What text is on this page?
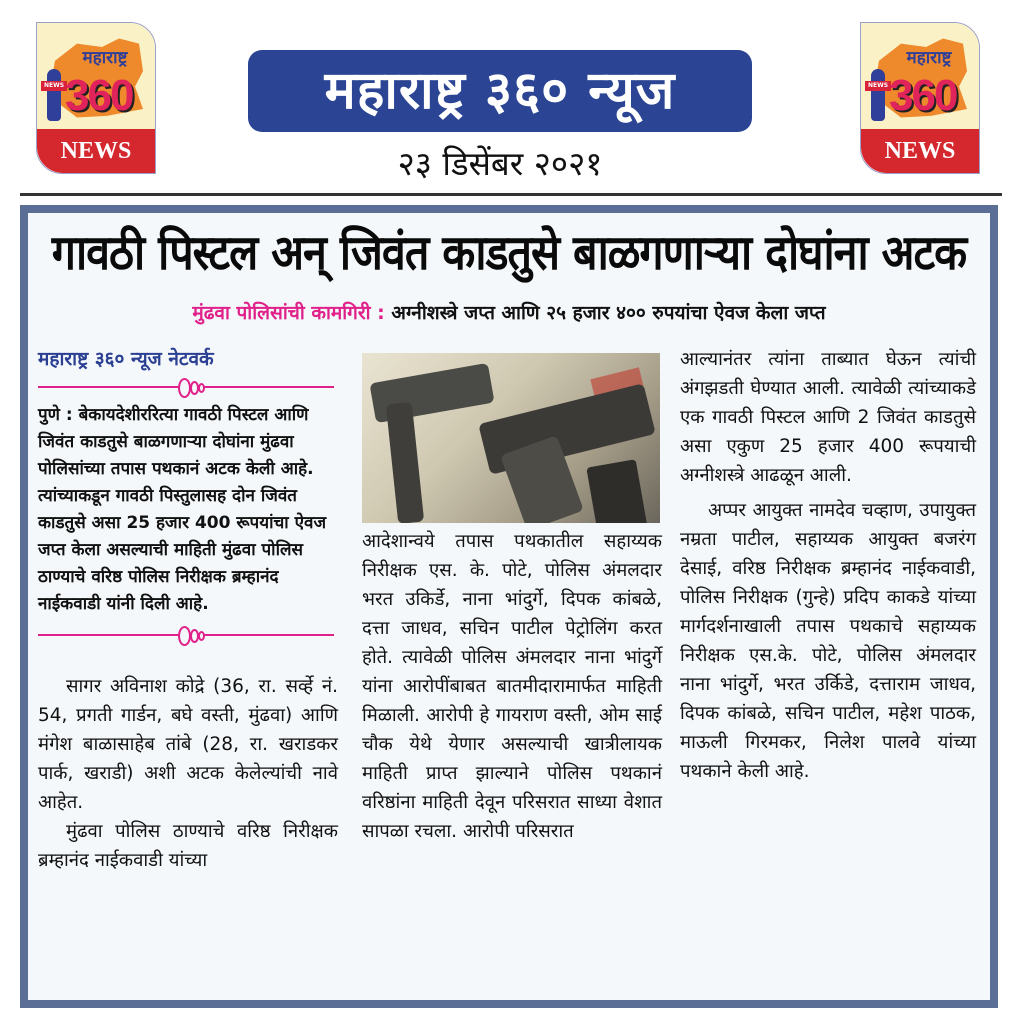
महाराष्ट्र
NEWS 360
NEWS
महाराष्ट्र ३६० न्यूज
२३ डिसेंबर २०२१
महाराष्ट्र
NEWS 360
NEWS
गावठी पिस्टल अन् जिवंत काडतुसे बाळगणाऱ्या दोघांना अटक
मुंढवा पोलिसांची कामगिरी : अग्नीशस्त्रे जप्त आणि २५ हजार ४०० रुपयांचा ऐवज केला जप्त
महाराष्ट्र ३६० न्यूज नेटवर्क

पुणे : बेकायदेशीररित्या गावठी पिस्टल आणि जिवंत काडतुसे बाळगणाऱ्या दोघांना मुंढवा पोलिसांच्या तपास पथकानं अटक केली आहे. त्यांच्याकडून गावठी पिस्तुलासह दोन जिवंत काडतुसे असा 25 हजार 400 रूपयांचा ऐवज जप्त केला असल्याची माहिती मुंढवा पोलिस ठाण्याचे वरिष्ठ पोलिस निरीक्षक ब्रम्हानंद नाईकवाडी यांनी दिली आहे.

सागर अविनाश कोद्रे (36, रा. सर्व्हे नं. 54, प्रगती गार्डन, बघे वस्ती, मुंढवा) आणि मंगेश बाळासाहेब तांबे (28, रा. खराडकर पार्क, खराडी) अशी अटक केलेल्यांची नावे आहेत.

मुंढवा पोलिस ठाण्याचे वरिष्ठ निरीक्षक ब्रम्हानंद नाईकवाडी यांच्या

आदेशान्वये तपास पथकातील सहाय्यक निरीक्षक एस. के. पोटे, पोलिस अंमलदार भरत उकिर्डे, नाना भांदुर्गे, दिपक कांबळे, दत्ता जाधव, सचिन पाटील पेट्रोलिंग करत होते. त्यावेळी पोलिस अंमलदार नाना भांदुर्गे यांना आरोपींबाबत बातमीदारामार्फत माहिती मिळाली. आरोपी हे गायराण वस्ती, ओम साई चौक येथे येणार असल्याची खात्रीलायक माहिती प्राप्त झाल्याने पोलिस पथकानं वरिष्ठांना माहिती देवून परिसरात साध्या वेशात सापळा रचला. आरोपी परिसरात

आल्यानंतर त्यांना ताब्यात घेऊन त्यांची अंगझडती घेण्यात आली. त्यावेळी त्यांच्याकडे एक गावठी पिस्टल आणि 2 जिवंत काडतुसे असा एकुण 25 हजार 400 रूपयाची अग्नीशस्त्रे आढळून आली.

अप्पर आयुक्त नामदेव चव्हाण, उपायुक्त नम्रता पाटील, सहाय्यक आयुक्त बजरंग देसाई, वरिष्ठ निरीक्षक ब्रम्हानंद नाईकवाडी, पोलिस निरीक्षक (गुन्हे) प्रदिप काकडे यांच्या मार्गदर्शनाखाली तपास पथकाचे सहाय्यक निरीक्षक एस.के. पोटे, पोलिस अंमलदार नाना भांदुर्गे, भरत उर्किडे, दत्ताराम जाधव, दिपक कांबळे, सचिन पाटील, महेश पाठक, माऊली गिरमकर, निलेश पालवे यांच्या पथकाने केली आहे.
